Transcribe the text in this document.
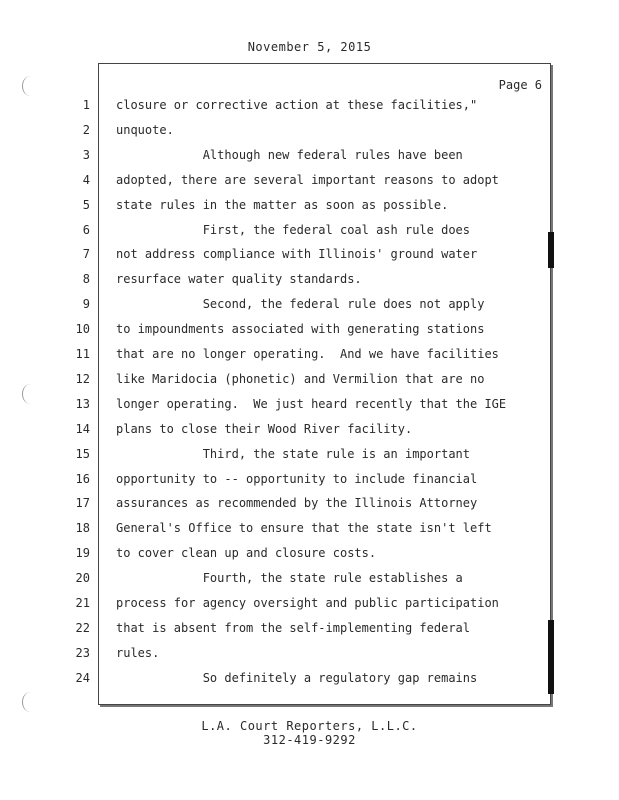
November 5, 2015
Page 6
1 closure or corrective action at these facilities,"
2 unquote.
3 Although new federal rules have been
4 adopted, there are several important reasons to adopt
5 state rules in the matter as soon as possible.
6 First, the federal coal ash rule does
7 not address compliance with Illinois' ground water
8 resurface water quality standards.
9 Second, the federal rule does not apply
10 to impoundments associated with generating stations
11 that are no longer operating.  And we have facilities
12 like Maridocia (phonetic) and Vermilion that are no
13 longer operating.  We just heard recently that the IGE
14 plans to close their Wood River facility.
15 Third, the state rule is an important
16 opportunity to -- opportunity to include financial
17 assurances as recommended by the Illinois Attorney
18 General's Office to ensure that the state isn't left
19 to cover clean up and closure costs.
20 Fourth, the state rule establishes a
21 process for agency oversight and public participation
22 that is absent from the self-implementing federal
23 rules.
24 So definitely a regulatory gap remains
L.A. Court Reporters, L.L.C.
312-419-9292
